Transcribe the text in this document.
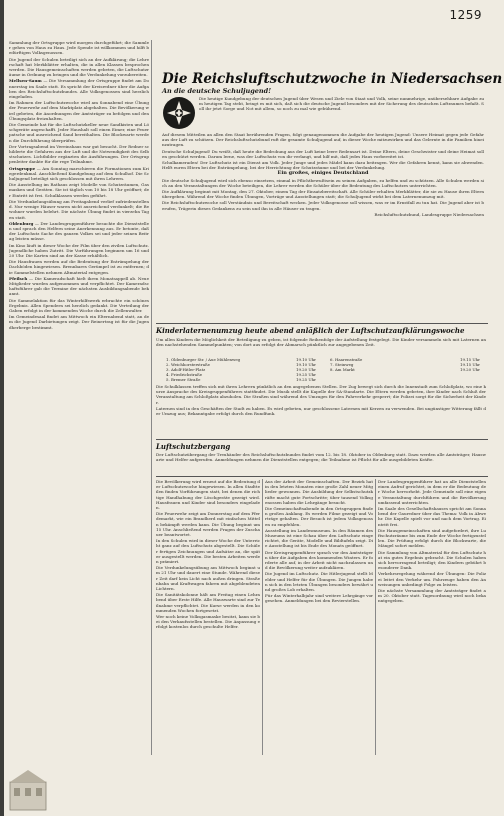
1259

Sammlung der Ortsgruppe wird morgen durchgeführt; die Sammler gehen von Haus zu Haus. Jede Spende ist willkommen und hilft bedürftigen Volksgenossen.

Die Jugend der Schulen beteiligt sich an der Aufklärung; die Lehrerschaft hat Merkblätter erhalten, die in allen Klassen besprochen werden. Die Hausgemeinschaften werden gebeten, die Luftschutzräume in Ordnung zu bringen und die Verdunkelung vorzubereiten.

Mellsen-Saum — Die Versammlung der Ortsgruppe findet am Donnerstag im Saale statt. Es spricht der Kreisredner über die Aufgaben des Reichsluftschutzbundes. Alle Volksgenossen sind herzlich eingeladen.

Im Rahmen der Luftschutzwoche wird am Sonnabend eine Übung der Feuerwehr auf dem Marktplatz abgehalten. Die Bevölkerung wird gebeten, die Anordnungen der Amtsträger zu befolgen und den Übungsplatz freizuhalten.

Die Gemeinde hat für die Luftschutzkeller neue Sandkisten und Löschgeräte angeschafft. Jeder Haushalt soll einen Eimer, eine Feuerpatsche und ausreichend Sand bereithalten. Die Blockwarte werden die Durchführung überprüfen.

Der Vortragsabend im Vereinshaus war gut besucht. Der Redner schilderte die Gefahren aus der Luft und die Notwendigkeit des Selbstschutzes. Lichtbilder ergänzten die Ausführungen. Der Ortsgruppenleiter dankte für die rege Teilnahme.

Ortsgruppe — Am Sonntag marschieren die Formationen zum Kriegerdenkmal. Anschließend Kundgebung auf dem Schulhof. Die Schuljugend beteiligt sich geschlossen mit ihren Lehrern.

Die Ausstellung im Rathaus zeigt Modelle von Schutzräumen, Gasmasken und Geräten. Sie ist täglich von 10 bis 18 Uhr geöffnet; der Eintritt ist frei. Schulklassen werden geführt.

Die Verdunkelungsübung am Freitagabend verlief zufriedenstellend. Nur wenige Häuser waren nicht ausreichend verdunkelt; die Bewohner wurden belehrt. Die nächste Übung findet in vierzehn Tagen statt.

Oldenburg — Der Landesgruppenführer besuchte die Dienststellen und sprach den Helfern seine Anerkennung aus. Er betonte, daß der Luftschutz Sache des ganzen Volkes sei und jeder seinen Beitrag leisten müsse.

Im Kino läuft in dieser Woche der Film über den zivilen Luftschutz. Jugendliche haben Zutritt. Die Vorführungen beginnen um 16 und 20 Uhr. Die Karten sind an der Kasse erhältlich.

Die Hausfrauen werden auf die Bedeutung der Entrümpelung der Dachböden hingewiesen. Brennbares Gerümpel ist zu entfernen; die Sammelstellen nehmen Altmaterial entgegen.

Pfeilsch — Die Kameradschaft hielt ihren Monatsappell ab. Neue Mitglieder wurden aufgenommen und verpflichtet. Der Kameradschaftsführer gab die Termine der nächsten Ausbildungsabende bekannt.

Die Sammelaktion für das Winterhilfswerk erbrachte ein schönes Ergebnis. Allen Spendern sei herzlich gedankt. Die Verteilung der Gaben erfolgt in der kommenden Woche durch die Zellenwalter.

Im Gemeindesaal findet am Mittwoch ein Elternabend statt, an dem die Jugend Darbietungen zeigt. Der Reinertrag ist für die Jugendherberge bestimmt.

Die Reichsluftschutzwoche in Niedersachsen
An die deutsche Schuljugend!

Die heutige Kundgebung der deutschen Jugend über Wesen und Ziele von Staat und Volk, seine nunmehrige, unübersehbare Aufgabe zum heutigen Tag steht, bringt es mit sich, daß sich die deutsche Jugend besonders mit der Sicherung des deutschen Luftraumes befaßt. Soll ihr jetzt Sorge und Not mit allem, so noch zu mal wie gebührend.

Auf diesem Mitteilen an allen den Staat berührenden Fragen, folgt genaugenommen die Aufgabe der heutigen Jugend: Unsere Heimat gegen jede Gefahr aus der Luft zu schützen. Der Reichsluftschutzbund ruft die gesamte Schuljugend auf, in dieser Woche mitzuwirken und das Gelernte in die Familien hineinzutragen.

Deutsche Schuljugend! Du weißt, daß heute die Bedrohung aus der Luft keine leere Redensart ist. Deine Eltern, deine Geschwister und deine Heimat sollen geschützt werden. Darum lerne, was der Luftschutz von dir verlangt, und hilf mit, daß jedes Haus vorbereitet ist.

Schulkameraden! Der Luftschutz ist ein Dienst am Volk. Jeder Junge und jedes Mädel kann dazu beitragen. Wer die Gefahren kennt, kann sie abwenden. Helft euren Eltern bei der Entrümpelung, bei der Herrichtung der Schutzräume und bei der Verdunkelung.

Ein großes, einiges Deutschland

Die deutsche Schuljugend wird sich ebenso einsetzen, einmal in Pflichtbewußtsein zu seinen Aufgaben, zu helfen und zu schützen. Alle Schulen werden sich an den Veranstaltungen der Woche beteiligen, die Lehrer werden die Schüler über die Bedeutung des Luftschutzes unterrichten.

Die Aufklärung beginnt mit Montag, den 27. Oktober, einem Tag der Einsatzbereitschaft. Alle Schüler erhalten Merkblätter, die sie zu Hause ihren Eltern übergeben. Während der Woche finden Übungen, Vorträge und Ausstellungen statt; die Schuljugend wirkt bei dem Laternenumzug mit.

Die Reichsluftschutzwoche soll Verständnis und Bereitschaft wecken. Jeder Volksgenosse soll wissen, was er im Ernstfall zu tun hat. Die Jugend aber ist berufen, Trägerin dieses Gedankens zu sein und ihn in alle Häuser zu tragen.

Reichsluftschutzbund, Landesgruppe Niedersachsen

Kinderlaternenumzug heute abend anläßlich der Luftschutzaufklärungswoche

Um allen Kindern die Möglichkeit der Beteiligung zu geben, ist folgende Reihenfolge der Aufstellung festgelegt. Die Kinder versammeln sich mit Laternen an den nachstehenden Sammelpunkten; von dort aus erfolgt der Abmarsch pünktlich zur angegebenen Zeit.

1. Oldenburger Str. / Aue Mühlenweg	19.10 Uhr
2. Weichhorsterstraße	19.10 Uhr
3. Adolf-Hitler-Platz	19.20 Uhr
4. Friedrichstraße	19.25 Uhr
5. Bremer Straße	19.25 Uhr
6. Haarenstraße	19.15 Uhr
7. Steinweg	19.15 Uhr
8. Am Markt	19.20 Uhr

Die Schulklassen treffen sich mit ihren Lehrern pünktlich an den angegebenen Stellen. Der Zug bewegt sich durch die Innenstadt zum Schloßplatz, wo eine kurze Ansprache des Kreisgruppenführers stattfindet. Die Musik stellt die Kapelle der SA-Standarte. Die Eltern werden gebeten, ihre Kinder nach Schluß der Veranstaltung am Schloßplatz abzuholen. Die Straßen sind während des Umzuges für den Fahrverkehr gesperrt; die Polizei sorgt für die Sicherheit der Kinder.

Laternen sind in den Geschäften der Stadt zu haben. Es wird gebeten, nur geschlossene Laternen mit Kerzen zu verwenden. Bei ungünstiger Witterung fällt der Umzug aus; Bekanntgabe erfolgt durch den Rundfunk.

Luftschutzbergang

Der Luftschutzübergang der Treuhänder des Reichsluftschutzbundes findet vom 12. bis 18. Oktober in Oldenburg statt. Dazu werden alle Amtsträger, Hauswarte und Helfer aufgerufen. Anmeldungen nehmen die Dienststellen entgegen; die Teilnahme ist Pflicht für alle ausgebildeten Kräfte.

Die Bevölkerung wird erneut auf die Bedeutung der Luftschutzwoche hingewiesen. In allen Stadtteilen finden Vorführungen statt, bei denen die richtige Handhabung der Löschgeräte gezeigt wird. Hausfrauen und Kinder sind besonders eingeladen.

Die Feuerwehr zeigt am Donnerstag auf dem Pferdemarkt, wie ein Brandherd mit einfachen Mitteln bekämpft werden kann. Die Übung beginnt um 15 Uhr. Anschließend werden Fragen der Zuschauer beantwortet.

In den Schulen wird in dieser Woche der Unterricht ganz auf den Luftschutz abgestellt. Die Schüler fertigen Zeichnungen und Aufsätze an, die später ausgestellt werden. Die besten Arbeiten werden prämiert.

Die Verdunkelungsübung am Mittwoch beginnt um 21 Uhr und dauert eine Stunde. Während dieser Zeit darf kein Licht nach außen dringen. Straßenbahn und Kraftwagen fahren mit abgeblendeten Lichtern.

Die Sanitätskolonne hält am Freitag einen Lehrabend über Erste Hilfe. Alle Hauswarte sind zur Teilnahme verpflichtet. Die Kurse werden in den kommenden Wochen fortgesetzt.

Wer noch keine Volksgasmaske besitzt, kann sie bei den Verkaufsstellen bestellen. Die Anpassung erfolgt kostenlos durch geschulte Helfer.

Aus der Arbeit der Gemeinschaften. Der Bezirk hat in den letzten Monaten eine große Zahl neuer Mitglieder gewonnen. Die Ausbildung der Selbstschutzkräfte macht gute Fortschritte; über tausend Volksgenossen haben die Lehrgänge besucht.

Die Gemeinschaftsabende in den Ortsgruppen finden großen Anklang. Es werden Filme gezeigt und Vorträge gehalten. Der Besuch ist jedem Volksgenossen zu empfehlen.

Ausstellung im Landesmuseum. In den Räumen des Museums ist eine Schau über den Luftschutz eingerichtet, die Geräte, Modelle und Bildtafeln zeigt. Die Ausstellung ist bis Ende des Monats geöffnet.

Der Kreisgruppenführer sprach vor den Amtsträgern über die Aufgaben des kommenden Winters. Er forderte alle auf, in der Arbeit nicht nachzulassen und die Bevölkerung weiter aufzuklären.

Die Jugend im Luftschutz. Die Hitlerjugend stellt Melder und Helfer für die Übungen. Die Jungen haben sich in den letzten Übungen besonders bewährt und großes Lob erhalten.

Für das Winterhalbjahr sind weitere Lehrgänge vorgesehen. Anmeldungen bei den Revierstellen.

Der Landesgruppenführer hat an alle Dienststellen einen Aufruf gerichtet, in dem er die Bedeutung der Woche hervorhebt. Jede Gemeinde soll eine eigene Veranstaltung durchführen und die Bevölkerung umfassend unterrichten.

Im Saale des Gesellschaftshauses spricht am Sonnabend der Gauredner über das Thema: Volk in Abwehr. Die Kapelle spielt vor und nach dem Vortrag. Eintritt frei.

Die Hausgemeinschaften sind aufgefordert, ihre Luftschutzräume bis zum Ende der Woche fertigzustellen. Die Prüfung erfolgt durch die Blockwarte, die Mängel sofort melden.

Die Sammlung von Altmaterial für den Luftschutz hat ein gutes Ergebnis gebracht. Die Schulen haben sich hervorragend beteiligt; den Kindern gebührt besonderer Dank.

Verkehrsregelung während der Übungen: Die Polizei leitet den Verkehr um. Fahrzeuge haben den Anweisungen unbedingt Folge zu leisten.

Die nächste Versammlung der Amtsträger findet am 20. Oktober statt. Tagesordnung wird noch bekanntgegeben.
